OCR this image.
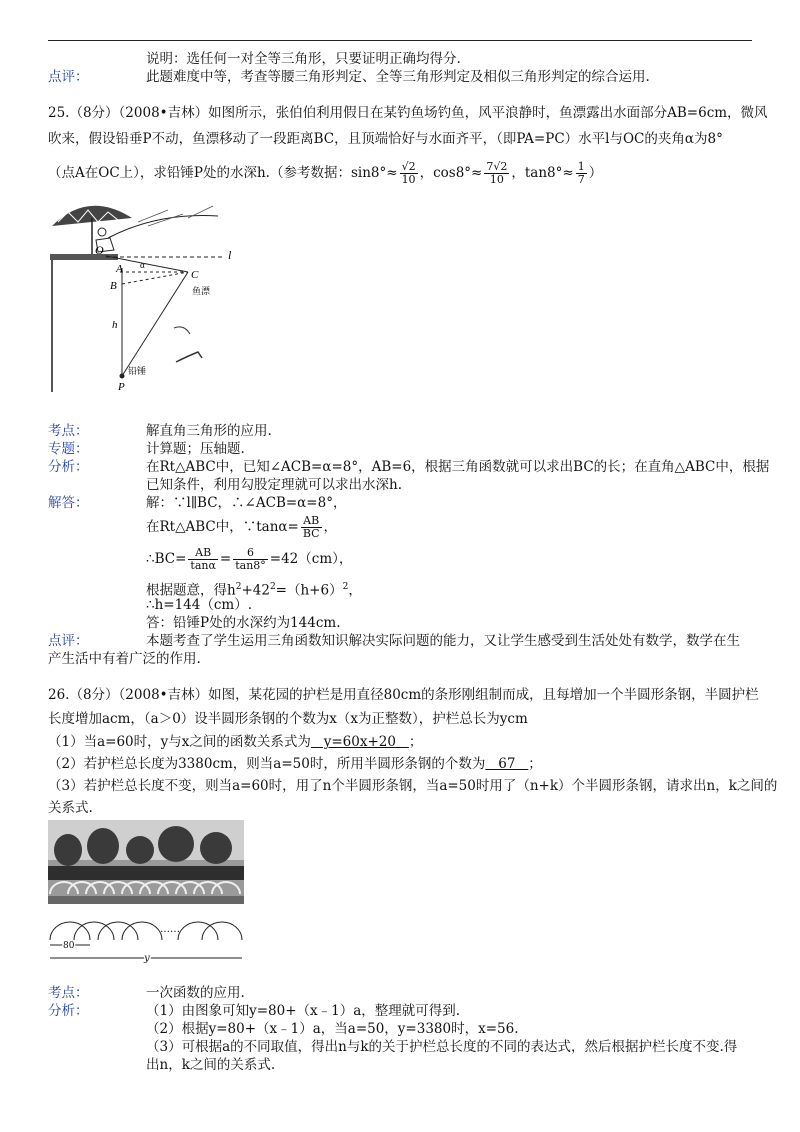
说明：选任何一对全等三角形，只要证明正确均得分.
点评：	此题难度中等，考查等腰三角形判定、全等三角形判定及相似三角形判定的综合运用.
25.（8分）（2008•吉林）如图所示，张伯伯利用假日在某钓鱼场钓鱼，风平浪静时，鱼漂露出水面部分AB=6cm，微风
吹来，假设铅垂P不动，鱼漂移动了一段距离BC，且顶端恰好与水面齐平，（即PA=PC）水平l与OC的夹角α为8°
（点A在OC上），求铅锤P处的水深h.（参考数据：$\sin 8^\circ\approx \frac{√2}{10}$ ，$\cos 8^\circ\approx \frac{7√2}{10}$ ，$\tan 8^\circ\approx \frac{1}{7}$ ）
O	l
A α
B
C
鱼漂
h
铅锤
P
考点：	解直角三角形的应用.
专题：	计算题；压轴题.
分析：	在Rt△ABC中，已知∠ACB=α=8°，AB=6，根据三角函数就可以求出BC的长；在直角△ABC中，根据
已知条件，利用勾股定理就可以求出水深h.
解答：	解：∵l∥BC，∴∠ACB=α=8°，
在Rt△ABC中，∵tanα= $\frac{AB}{BC}$ ，
∴BC= $\frac{AB}{\tan\alpha} = \frac{6}{\tan 8^\circ} =42(cm)$，
根据题意，得$h^2+42^2=(h+6)^2$，
∴h=144（cm）.
答：铅锤P处的水深约为144cm.
点评：	本题考查了学生运用三角函数知识解决实际问题的能力，又让学生感受到生活处处有数学，数学在生
产生活中有着广泛的作用.
26.（8分）（2008•吉林）如图，某花园的护栏是用直径80cm的条形刚组制而成，且每增加一个半圆形条钢，半圆护栏
长度增加acm，（a＞0）设半圆形条钢的个数为x（x为正整数），护栏总长为ycm
（1）当a=60时，y与x之间的函数关系式为   y=60x+20   ；
（2）若护栏总长度为3380cm，则当a=50时，所用半圆形条钢的个数为   67   ；
（3）若护栏总长度不变，则当a=60时，用了n个半圆形条钢，当a=50时用了（n+k）个半圆形条钢，请求出n，k之间的
关系式.
……
80
y
考点：	一次函数的应用.
分析：	（1）由图象可知y=80+（x﹣1）a，整理就可得到.
（2）根据y=80+（x﹣1）a，当a=50，y=3380时，x=56.
（3）可根据a的不同取值，得出n与k的关于护栏总长度的不同的表达式，然后根据护栏长度不变.得
出n，k之间的关系式.
